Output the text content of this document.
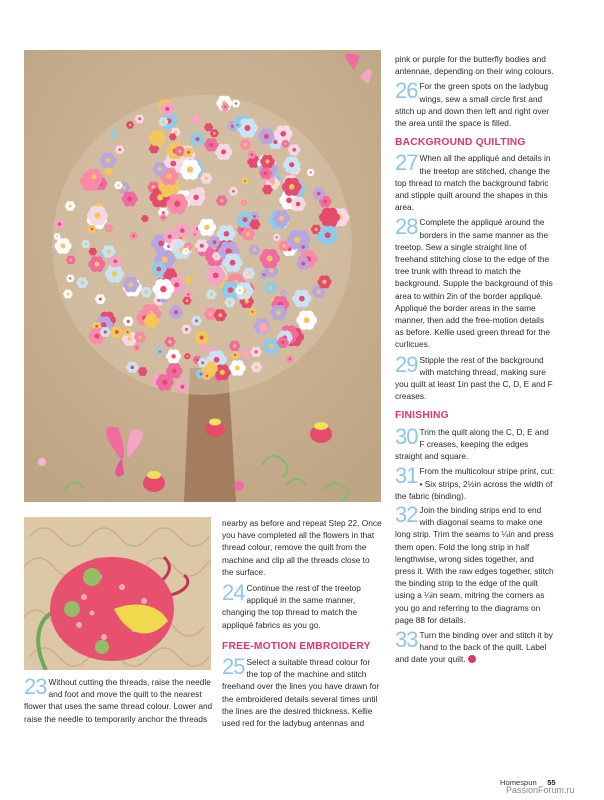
23 Without cutting the threads, raise the needle and foot and move the quilt to the nearest flower that uses the same thread colour. Lower and raise the needle to temporarily anchor the threads

nearby as before and repeat Step 22. Once you have completed all the flowers in that thread colour, remove the quilt from the machine and clip all the threads close to the surface.

24 Continue the rest of the treetop appliqué in the same manner, changing the top thread to match the appliqué fabrics as you go.

FREE-MOTION EMBROIDERY
25 Select a suitable thread colour for the top of the machine and stitch freehand over the lines you have drawn for the embroidered details several times until the lines are the desired thickness. Kellie used red for the ladybug antennas and

pink or purple for the butterfly bodies and antennae, depending on their wing colours.

26 For the green spots on the ladybug wings, sew a small circle first and stitch up and down then left and right over the area until the space is filled.

BACKGROUND QUILTING
27 When all the appliqué and details in the treetop are stitched, change the top thread to match the background fabric and stipple quilt around the shapes in this area.

28 Complete the appliqué around the borders in the same manner as the treetop. Sew a single straight line of freehand stitching close to the edge of the tree trunk with thread to match the background. Supple the background of this area to within 2in of the border appliqué. Appliqué the border areas in the same manner, then add the free-motion details as before. Kellie used green thread for the curlicues.

29 Stipple the rest of the background with matching thread, making sure you quilt at least 1in past the C, D, E and F creases.

FINISHING
30 Trim the quilt along the C, D, E and F creases, keeping the edges straight and square.

31 From the multicolour stripe print, cut:

• Six strips, 2½in across the width of the fabric (binding).

32 Join the binding strips end to end with diagonal seams to make one long strip. Trim the seams to ¼in and press them open. Fold the long strip in half lengthwise, wrong sides together, and press it. With the raw edges together, stitch the binding strip to the edge of the quilt using a ¼in seam, mitring the corners as you go and referring to the diagrams on page 88 for details.

33 Turn the binding over and stitch it by hand to the back of the quilt. Label and date your quilt.

Homespun 55
PassionForum.ru
